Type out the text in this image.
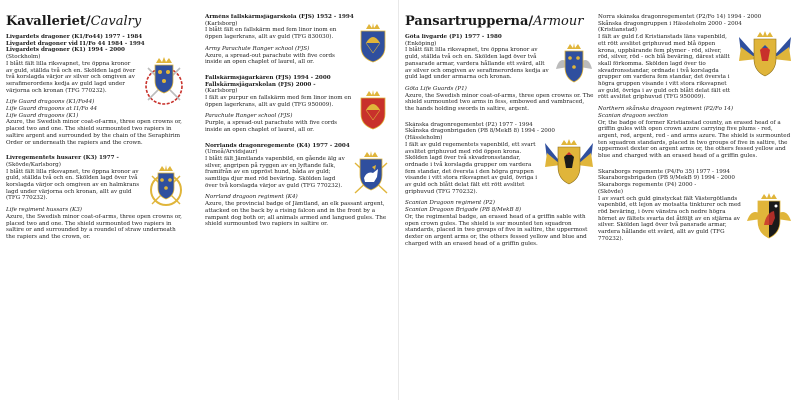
Kavalleriet/Cavalry

Livgardets dragoner (K1/Fo44) 1977 - 1984

Livgardet dragoner vid I1/Fo 44 1984 - 1994

Livgardets dragoner (K1) 1994 - 2000

(Stockholm)

I blått fält lilla riksvapnet, tre öppna kronor av guld, ställda två och en. Skölden lagd över två korslagda värjor av silver och omgiven av serafimerordens kedja av guld lagd under värjorna och kronan (TFG 770232).

Life Guard dragoons (K1/Fo44)

Life Guard dragoons at I1/Fo 44

Life Guard dragoons (K1)

Azure, the Swedish minor coat-of-arms, three open crowns or, placed two and one. The shield surmounted two rapiers in saltire argent and surrounded by the chain of the Seraphirim Order or underneath the rapiers and the crown.

Livregementets husarer (K3) 1977 -

(Skövde/Karlsborg)

I blått fält lilla riksvapnet, tre öppna kronor av guld, ställda två och en. Skölden lagd över två korslagda värjor och omgiven av en halmkrans lagd under värjorna och kronan, allt av guld (TFG 770232).

Life regiment hussars (K3)

Azure, the Swedish minor coat-of-arms, three open crowns or, placed two and one. The shield surmounted two rapiers in saltire or and surrounded by a roundel of straw underneath the rapiers and the crown, or.

Arméns fallskärmsjägarskola (FJS) 1952 - 1994

(Karlsborg)

I blått fält en fallskärm med fem linor inom en öppen lagerkrans, allt av guld (TFG 830030).

Army Parachute Ranger school (FJS)

Azure, a spread-out parachute with five cords inside an open chaplet of laurel, all or.

Fallskärmsjägarkåren (FJS) 1994 - 2000

Fallskärmsjägarskolan (FJS) 2000 -

(Karlsborg)

I fält av purpur en fallskärm med fem linor inom en öppen lagerkrans, allt av guld (TFG 950009).

Parachute Ranger school (FJS)

Purple, a spread-out parachute with five cords inside an open chaplet of laurel, all or.

Norrlands dragonregemente (K4) 1977 - 2004

(Umeå/Arvidsjaur)

I blått fält Jämtlands vapenbild, en gående älg av silver, angripen på ryggen av en lyftande falk, framifrån av en uppröst hund, båda av guld; samtliga djur med röd beväring. Skölden lagd över två korslagda värjor av guld (TFG 770232).

Norrland dragoon regiment (K4)

Azure, the provincial badge of Jämtland, an elk passant argent, attacked on the back by a rising falcon and in the front by a rampant dog both or; all animals armed and langued gules. The shield surmounted two rapiers in saltire or.

Pansartrupperna/Armour

Göta livgarde (P1) 1977 - 1980

(Enköping)

I blått fält lilla riksvapnet, tre öppna kronor av guld, ställda två och en. Skölden lagd över två pansarade armar, vardera hållande ett svärd, allt av silver och omgiven av serafimerordens kedja av guld lagd under armarna och kronan.

Göta Life Guards (P1)

Azure, the Swedish minor coat-of-arms, three open crowns or. The shield surmounted two arms in fess, embowed and vambraced, the hands holding swords in saltire, argent.

Skånska dragonregementet (P2) 1977 - 1994

Skånska dragonbrigaden (PB 8/MekB 8) 1994 - 2000

(Hässleholm)

I fält av guld regementets vapenbild, ett svart avslitet griphuvud med röd öppen krona. Skölden lagd över två skvadronsstandar, ordnade i två korslagda grupper om vardera fem standar, det översta i den högra gruppen visande i vitt stora riksvapnet av guld, övriga i av guld och blått delat fält ett rött avslitet griphuvud (TFG 770232).

Scanian Dragoon regiment (P2)

Scanian Dragoon Brigade (PB 8/MekB 8)

Or, the regimental badge, an erased head of a griffin sable with open crown gules. The shield is sur mounted ten squadron standards, placed in two groups of five in saltire, the uppermost dexter on argent arms or, the others fessed yellow and blue and charged with an erased head of a griffin gules.

Norra skånska dragonregementet (P2/Fo 14) 1994 - 2000

Skånska dragongruppen i Hässleholm 2000 - 2004

(Kristianstad)

I fält av guld f.d Kristianstads läns vapenbild, ett rött avslitet griphuvud med blå öppen krona, uppbärande fem plymer - röd, silver, röd, silver, röd - och blå beväring, därest ställt skall förkomma. Skölden lagd över tio skvadronsstandar, ordnade i två korslagda grupper om vardera fem standar, det översta i högra gruppen visande i vitt stora riksvapnet av guld, övriga i av guld och blått delat fält ett rött avslitet griphuvud (TFG 950009).

Northern skånska dragoon regiment (P2/Fo 14)

Scanian dragoon section

Or, the badge of former Kristianstad county, an erased head of a griffin gules with open crown azure carrying five plums - red, argent, red, argent, red - and arms azure. The shield is surmounted ten squadron standards, placed in two groups of five in saltire, the uppermost dexter on argent arms or, the others fessed yellow and blue and charged with an erased head of a griffin gules.

Skaraborgs regemente (P4/Fo 35) 1977 - 1994

Skaraborgsbrigaden (PB 9/MekB 9) 1994 - 2000

Skaraborgs regemente (P4) 2000 -

(Skövde)

I av svart och guld ginstyckat fält Västergötlands vapenbild, ett lejon av motsatta tinkturer och med röd beväring, i övre vänstra och nedre högra hörnet av fältets svarta del åtföljt av en stjärna av silver. Skölden lagd över två pansrade armar, vardera hållande ett svärd, allt av guld (TFG 770232).
